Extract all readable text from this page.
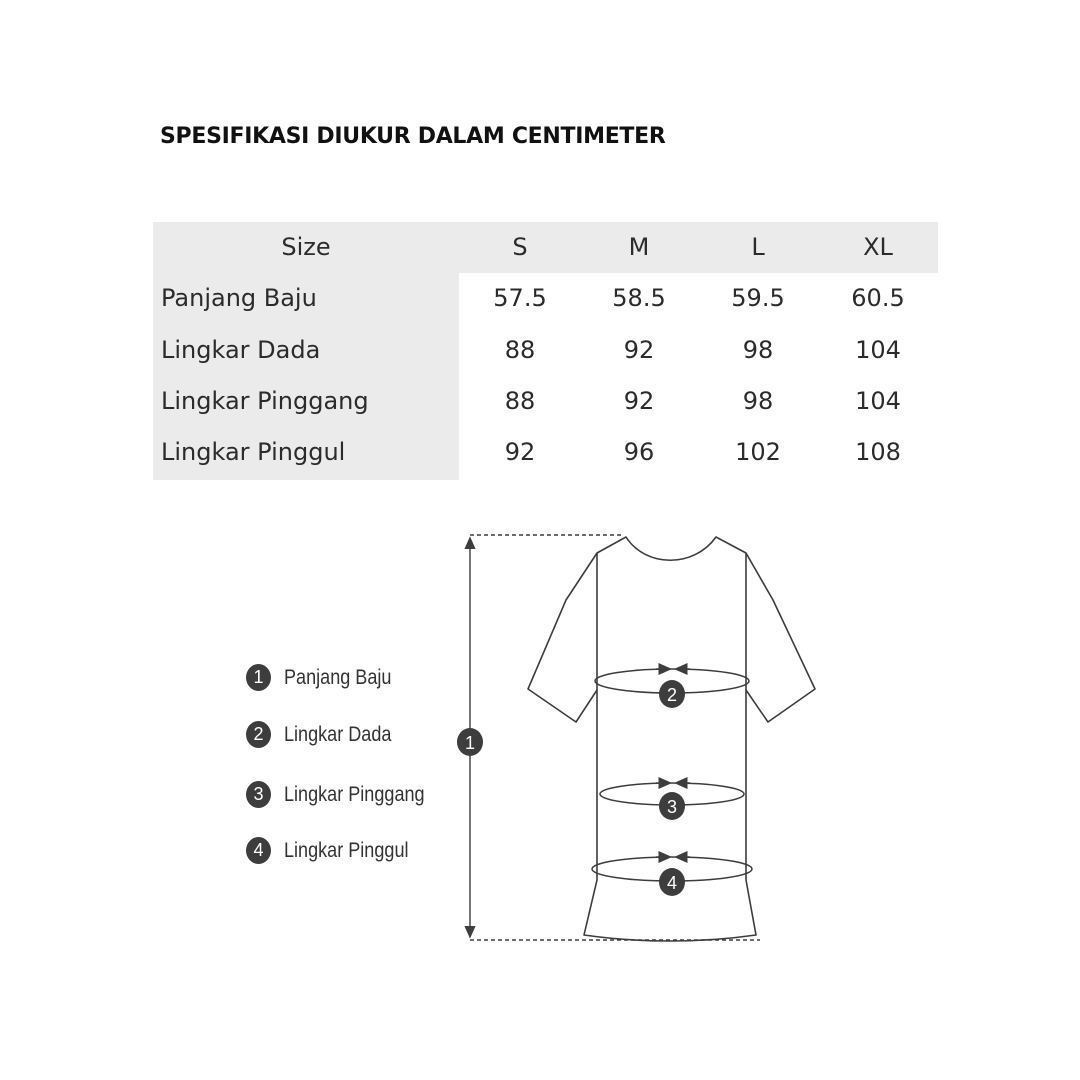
SPESIFIKASI DIUKUR DALAM CENTIMETER
Size	S	M	L	XL
Panjang Baju	57.5	58.5	59.5	60.5
Lingkar Dada	88	92	98	104
Lingkar Pinggang	88	92	98	104
Lingkar Pinggul	92	96	102	108
1 Panjang Baju
2 Lingkar Dada
3 Lingkar Pinggang
4 Lingkar Pinggul
1
2
3
4
